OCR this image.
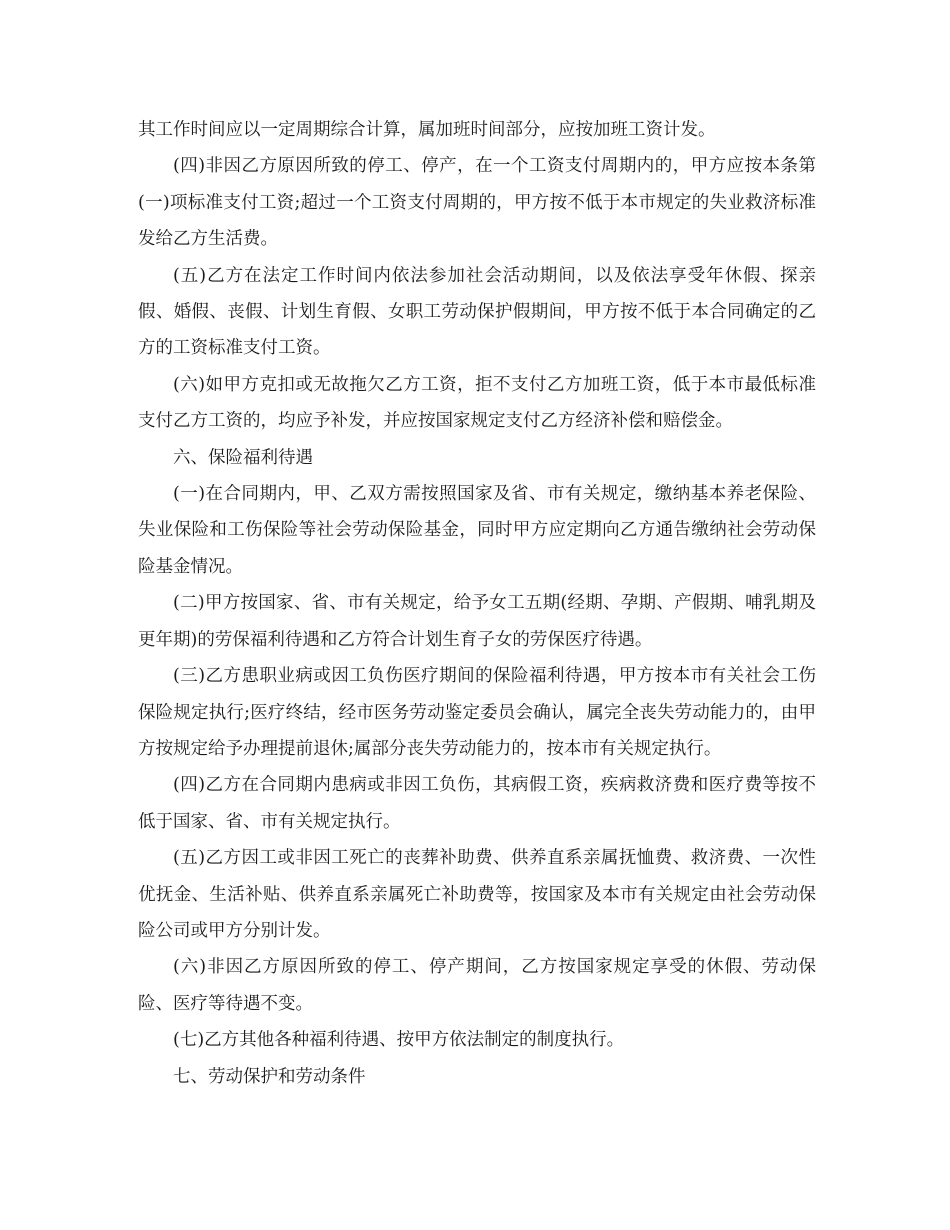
其工作时间应以一定周期综合计算，属加班时间部分，应按加班工资计发。

(四)非因乙方原因所致的停工、停产，在一个工资支付周期内的，甲方应按本条第(一)项标准支付工资;超过一个工资支付周期的，甲方按不低于本市规定的失业救济标准发给乙方生活费。

(五)乙方在法定工作时间内依法参加社会活动期间，以及依法享受年休假、探亲假、婚假、丧假、计划生育假、女职工劳动保护假期间，甲方按不低于本合同确定的乙方的工资标准支付工资。

(六)如甲方克扣或无故拖欠乙方工资，拒不支付乙方加班工资，低于本市最低标准支付乙方工资的，均应予补发，并应按国家规定支付乙方经济补偿和赔偿金。

六、保险福利待遇

(一)在合同期内，甲、乙双方需按照国家及省、市有关规定，缴纳基本养老保险、失业保险和工伤保险等社会劳动保险基金，同时甲方应定期向乙方通告缴纳社会劳动保险基金情况。

(二)甲方按国家、省、市有关规定，给予女工五期(经期、孕期、产假期、哺乳期及更年期)的劳保福利待遇和乙方符合计划生育子女的劳保医疗待遇。

(三)乙方患职业病或因工负伤医疗期间的保险福利待遇，甲方按本市有关社会工伤保险规定执行;医疗终结，经市医务劳动鉴定委员会确认，属完全丧失劳动能力的，由甲方按规定给予办理提前退休;属部分丧失劳动能力的，按本市有关规定执行。

(四)乙方在合同期内患病或非因工负伤，其病假工资，疾病救济费和医疗费等按不低于国家、省、市有关规定执行。

(五)乙方因工或非因工死亡的丧葬补助费、供养直系亲属抚恤费、救济费、一次性优抚金、生活补贴、供养直系亲属死亡补助费等，按国家及本市有关规定由社会劳动保险公司或甲方分别计发。

(六)非因乙方原因所致的停工、停产期间，乙方按国家规定享受的休假、劳动保险、医疗等待遇不变。

(七)乙方其他各种福利待遇、按甲方依法制定的制度执行。

七、劳动保护和劳动条件
